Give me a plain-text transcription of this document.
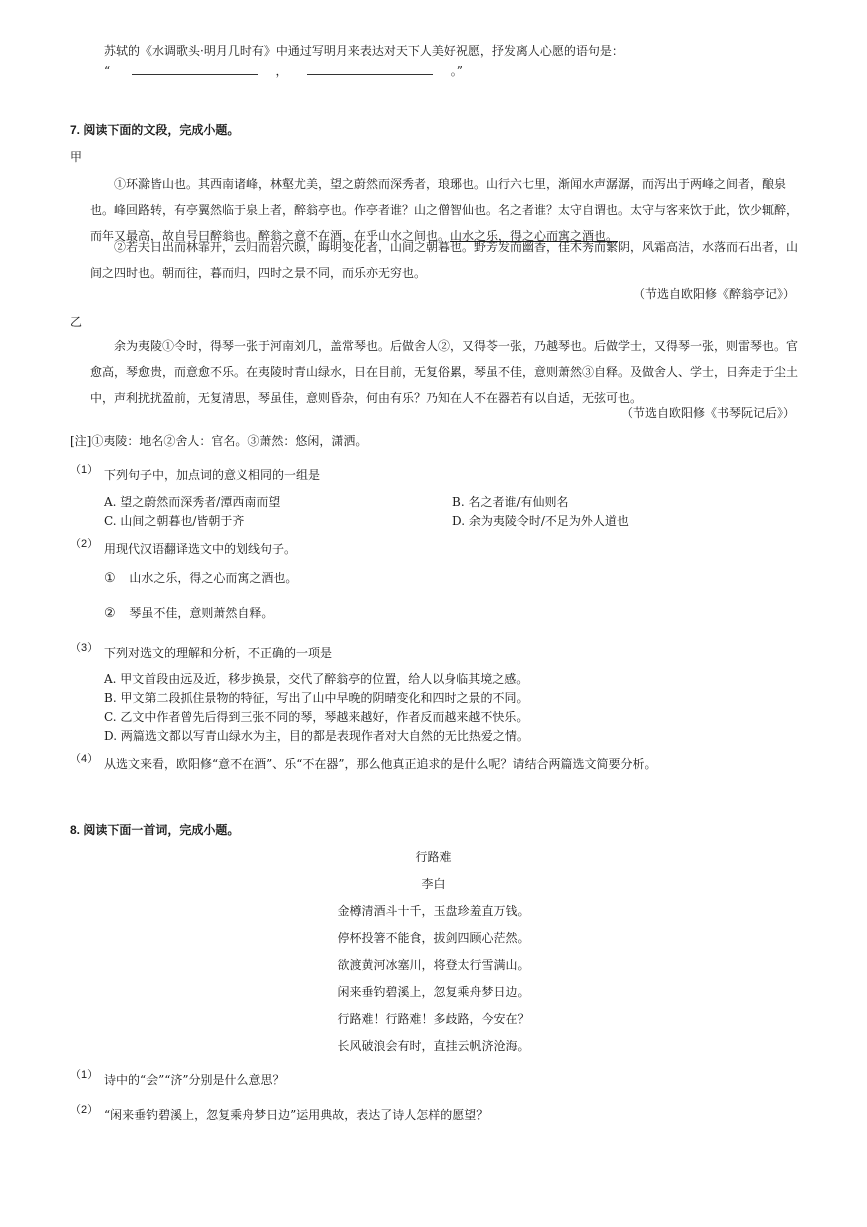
苏轼的《水调歌头·明月几时有》中通过写明月来表达对天下人美好祝愿，抒发离人心愿的语句是：
“	，	。”
7. 阅读下面的文段，完成小题。
甲
①环滁皆山也。其西南诸峰，林壑尤美，望之蔚然而深秀者，琅琊也。山行六七里，渐闻水声潺潺，而泻出于两峰之间者，酿泉也。峰回路转，有亭翼然临于泉上者，醉翁亭也。作亭者谁？山之僧智仙也。名之者谁？太守自谓也。太守与客来饮于此，饮少辄醉，而年又最高，故自号曰醉翁也。醉翁之意不在酒，在乎山水之间也。山水之乐，得之心而寓之酒也。
②若夫日出而林霏开，云归而岩穴暝，晦明变化者，山间之朝暮也。野芳发而幽香，佳木秀而繁阴，风霜高洁，水落而石出者，山间之四时也。朝而往，暮而归，四时之景不同，而乐亦无穷也。
（节选自欧阳修《醉翁亭记》）
乙
余为夷陵①令时，得琴一张于河南刘几，盖常琴也。后做舍人②，又得苓一张，乃越琴也。后做学士，又得琴一张，则雷琴也。官愈高，琴愈贵，而意愈不乐。在夷陵时青山绿水，日在目前，无复俗累，琴虽不佳，意则萧然③自释。及做舍人、学士，日奔走于尘土中，声利扰扰盈前，无复清思，琴虽佳，意则昏杂，何由有乐？乃知在人不在器若有以自适，无弦可也。
（节选自欧阳修《书琴阮记后》）
[注]①夷陵：地名②舍人：官名。③萧然：悠闲，潇洒。
（1） 下列句子中，加点词的意义相同的一组是
A. 望之蔚然而深秀者/潭西南而望	B. 名之者谁/有仙则名
C. 山间之朝暮也/皆朝于齐	D. 余为夷陵令时/不足为外人道也
（2） 用现代汉语翻译选文中的划线句子。
① 山水之乐，得之心而寓之酒也。
② 琴虽不佳，意则萧然自释。
（3） 下列对选文的理解和分析，不正确的一项是
A. 甲文首段由远及近，移步换景，交代了醉翁亭的位置，给人以身临其境之感。
B. 甲文第二段抓住景物的特征，写出了山中早晚的阴晴变化和四时之景的不同。
C. 乙文中作者曾先后得到三张不同的琴，琴越来越好，作者反而越来越不快乐。
D. 两篇选文都以写青山绿水为主，目的都是表现作者对大自然的无比热爱之情。
（4） 从选文来看，欧阳修“意不在酒”、乐“不在器”，那么他真正追求的是什么呢？请结合两篇选文简要分析。
8. 阅读下面一首词，完成小题。
行路难
李白
金樽清酒斗十千，玉盘珍羞直万钱。
停杯投箸不能食，拔剑四顾心茫然。
欲渡黄河冰塞川，将登太行雪满山。
闲来垂钓碧溪上，忽复乘舟梦日边。
行路难！行路难！多歧路，今安在？
长风破浪会有时，直挂云帆济沧海。
（1） 诗中的“会”“济”分别是什么意思？
（2） “闲来垂钓碧溪上，忽复乘舟梦日边”运用典故，表达了诗人怎样的愿望？
